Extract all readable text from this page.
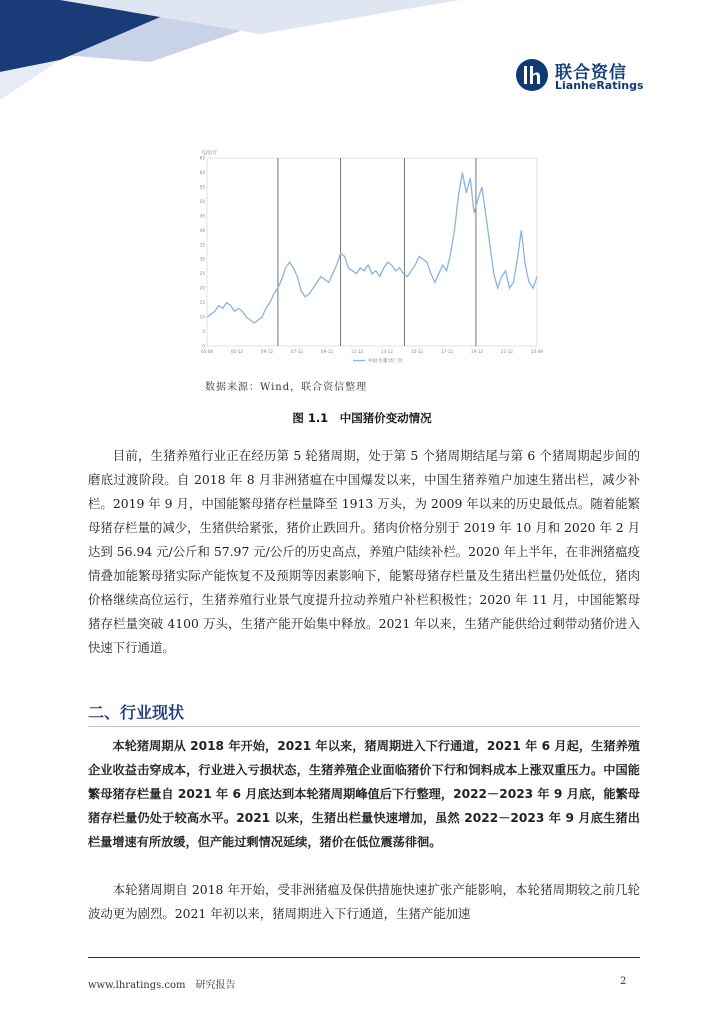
联合资信
LianheRatings
元/公斤
0
5
10
15
20
25
30
35
40
45
50
55
60
65
05-08	05-12	09-12	07-12	09-12	11-12	13-12	15-12	17-12	19-12	21-12	23-09
中国:生猪:出厂价
数据来源：Wind，联合资信整理
图 1.1　中国猪价变动情况

目前，生猪养殖行业正在经历第 5 轮猪周期，处于第 5 个猪周期结尾与第 6 个猪周期起步间的磨底过渡阶段。自 2018 年 8 月非洲猪瘟在中国爆发以来，中国生猪养殖户加速生猪出栏，减少补栏。2019 年 9 月，中国能繁母猪存栏量降至 1913 万头，为 2009 年以来的历史最低点。随着能繁母猪存栏量的减少，生猪供给紧张，猪价止跌回升。猪肉价格分别于 2019 年 10 月和 2020 年 2 月达到 56.94 元/公斤和 57.97 元/公斤的历史高点，养殖户陆续补栏。2020 年上半年，在非洲猪瘟疫情叠加能繁母猪实际产能恢复不及预期等因素影响下，能繁母猪存栏量及生猪出栏量仍处低位，猪肉价格继续高位运行，生猪养殖行业景气度提升拉动养殖户补栏积极性；2020 年 11 月，中国能繁母猪存栏量突破 4100 万头，生猪产能开始集中释放。2021 年以来，生猪产能供给过剩带动猪价进入快速下行通道。

二、行业现状

本轮猪周期从 2018 年开始，2021 年以来，猪周期进入下行通道，2021 年 6 月起，生猪养殖企业收益击穿成本，行业进入亏损状态，生猪养殖企业面临猪价下行和饲料成本上涨双重压力。中国能繁母猪存栏量自 2021 年 6 月底达到本轮猪周期峰值后下行整理，2022－2023 年 9 月底，能繁母猪存栏量仍处于较高水平。2021 以来，生猪出栏量快速增加，虽然 2022－2023 年 9 月底生猪出栏量增速有所放缓，但产能过剩情况延续，猪价在低位震荡徘徊。

本轮猪周期自 2018 年开始，受非洲猪瘟及保供措施快速扩张产能影响，本轮猪周期较之前几轮波动更为剧烈。2021 年初以来，猪周期进入下行通道，生猪产能加速

www.lhratings.com　研究报告	2
